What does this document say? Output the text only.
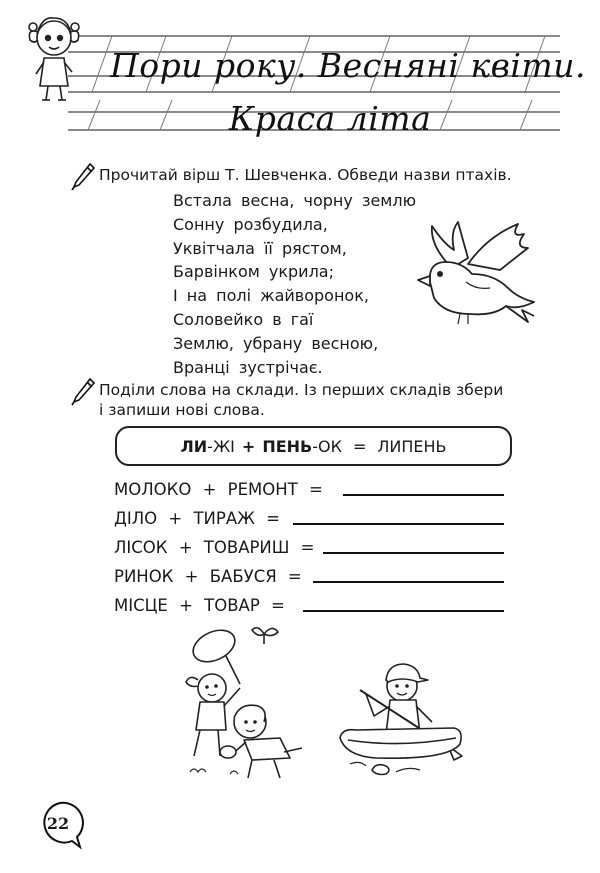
Пори року. Весняні квіти.
Краса літа
Прочитай вірш Т. Шевченка. Обведи назви птахів.
Встала весна, чорну землю
Сонну розбудила,
Уквітчала її рястом,
Барвінком укрила;
І на полі жайворонок,
Соловейко в гаї
Землю, убрану весною,
Вранці зустрічає.
Поділи слова на склади. Із перших складів збери
і запиши нові слова.
ЛИ-ЖІ + ПЕНЬ-ОК = ЛИПЕНЬ
МОЛОКО + РЕМОНТ =
ДІЛО + ТИРАЖ =
ЛІСОК + ТОВАРИШ =
РИНОК + БАБУСЯ =
МІСЦЕ + ТОВАР =
22
